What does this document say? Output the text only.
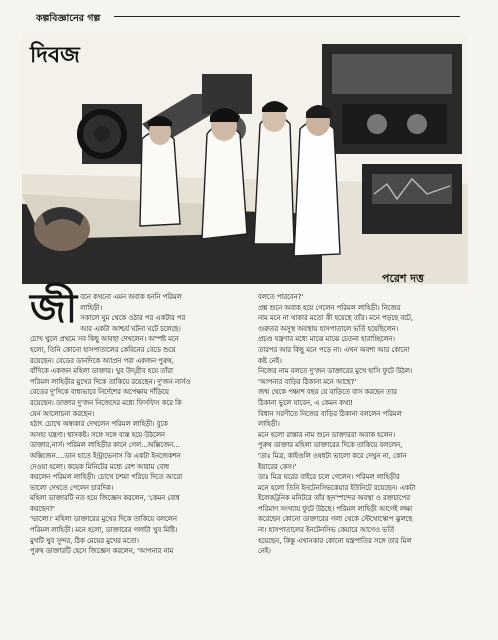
কল্পবিজ্ঞানের গল্প
দিবজ
পরেশ দত্ত
জী বনে কখনো এমন অবাক হননি পরিমল

লাহিড়ী।

সকালে ঘুম থেকে ওঠার পর একটার পর

আর একটা আশ্চর্য ঘটনা ঘটে চলেছে।

চোখ খুলে প্রথমে সব কিছু আবছা দেখলেন। অস্পষ্ট মনে

হলো, তিনি কোনো হাসপাতালের কেবিনের বেডে শুয়ে

রয়েছেন। বেডের ডানদিকে অ্যাপ্রন পরা একজন পুরুষ,

বাঁদিকে একজন মহিলা ডাক্তার। খুব উদ্গ্রীব হয়ে তাঁরা

পরিমল লাহিড়ীর মুখের দিকে তাকিয়ে রয়েছেন। দু'জন নার্সও

বেডের দু'দিকে বাধ্যভাবে নির্দেশের অপেক্ষায় দাঁড়িয়ে

রয়েছেন। ডাক্তার দু'জন নিজেদের মধ্যে ফিসফিস করে কি

যেন আলোচনা করছেন।

হঠাৎ চোখে অন্ধকার দেখলেন পরিমল লাহিড়ী। বুকে

অসহ্য যন্ত্রণা। শ্বাসকষ্ট। সঙ্গে সঙ্গে ব্যস্ত হয়ে উঠলেন

ডাক্তার,নার্স। পরিমল লাহিড়ীর কানে গেল...অক্সিজেন...

অক্সিজেন....ডান হাতে ইন্ট্রাভেনাস কি একটা ইনজেকশন

দেওয়া হলো। কয়েক মিনিটের মধ্যে বেশ আরাম বোধ

করলেন পরিমল লাহিড়ী। চোখে চশমা পরিয়ে দিতে আরো

ভালো দেখতে পেলেন চারদিক।

মহিলা ডাক্তারটি নত হয়ে জিজ্ঞেস করলেন, 'কেমন বোধ

করছেন?'

'ভালো।' মহিলা ডাক্তারের মুখের দিকে তাকিয়ে বললেন

পরিমল লাহিড়ী। মনে হলো, ডাক্তারের গলাটা খুব মিষ্টি।

মুখটি খুব সুন্দর, ঠিক মেয়ের মুখের মতো।

পুরুষ ডাক্তারটি হেসে জিজ্ঞেস করলেন, 'আপনার নাম

বলতে পারবেন?'

প্রশ্ন শুনে অবাক হয়ে গেলেন পরিমল লাহিড়ী। নিজের

নাম মনে না থাকার মতো কী হয়েছে তাঁর। মনে পড়ছে বটে,

গুরুতর অসুস্থ অবস্থায় হাসপাতালে ভর্তি হয়েছিলেন।

প্রচণ্ড যন্ত্রণার মধ্যে মাঝে মাঝে চেতনা হারাচ্ছিলেন।

তারপর আর কিছু মনে পড়ে না। এখন অবশ্য আর কোনো

কষ্ট নেই।

নিজের নাম বলতে দু'জন ডাক্তারের মুখে হাসি ফুটে উঠল।

'আপনার বাড়ির ঠিকানা মনে আছে?'

জন্ম থেকে পঞ্চাশ বছর যে বাড়িতে বাস করছেন তার

ঠিকানা ভুলে যাবেন, এ কেমন কথা!

বিধান সরণীতে নিজের বাড়ির ঠিকানা বললেন পরিমল

লাহিড়ী।

মনে হলো রাস্তার নাম শুনে ডাক্তাররা অবাক হলেন।

পুরুষ ডাক্তার মহিলা ডাক্তারের দিকে তাকিয়ে বললেন,

'ডাঃ মিত্র, কাইণ্ডলি ওষধটা ভালো করে দেখুন না, কোন

ইয়ারের কেস।'

ডাঃ মিত্র ঘরের বাইরে চলে গেলেন। পরিমল লাহিড়ীর

মনে হলো তিনি ইনটেনসিভকেয়ার ইউনিটে রয়েছেন। একটা

ইলেকট্রনিক মনিটরে তাঁর হৃদস্পন্দের অবস্থা ও রক্তচাপের

পরিমাণ সংখ্যায় ফুটে উঠছে। পরিমল লাহিড়ী আগেই লক্ষ্য

করেছেন কোনো ডাক্তারের গলা থেকে স্টেথোস্কোপ ঝুলছে

না। হাসপাতালের ইনটেনসিভ কেয়ারে আগেও ভর্তি

হয়েছেন, কিন্তু এখানকার কোনো যন্ত্রপাতির সঙ্গে তার মিল

নেই।
